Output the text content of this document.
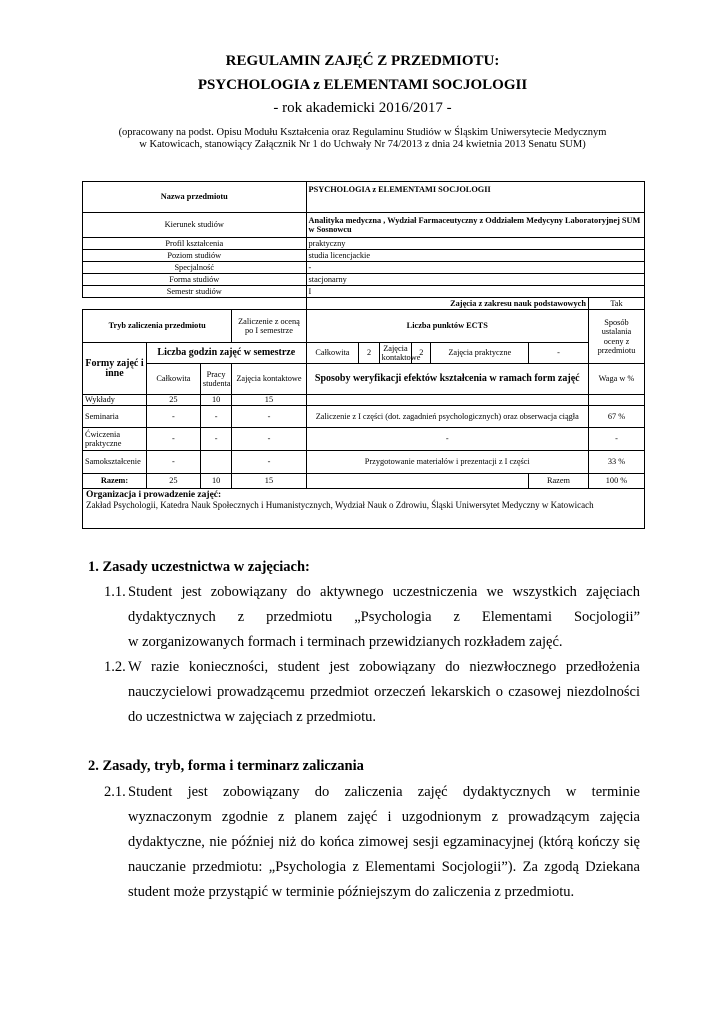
REGULAMIN ZAJĘĆ Z PRZEDMIOTU:
PSYCHOLOGIA z ELEMENTAMI SOCJOLOGII
- rok akademicki 2016/2017 -
(opracowany na podst. Opisu Modułu Kształcenia oraz Regulaminu Studiów w Śląskim Uniwersytecie Medycznym
w Katowicach, stanowiący Załącznik Nr 1 do Uchwały Nr 74/2013 z dnia 24 kwietnia 2013 Senatu SUM)
Nazwa przedmiotu				PSYCHOLOGIA z ELEMENTAMI SOCJOLOGII						
Kierunek studiów				Analityka medyczna , Wydział Farmaceutyczny z Oddziałem Medycyny Laboratoryjnej SUM w Sosnowcu						
Profil kształcenia				praktyczny						
Poziom studiów				studia licencjackie						
Specjalność				-						
Forma studiów				stacjonarny						
Semestr studiów				I						
				Zajęcia z zakresu nauk podstawowych						Tak
Tryb zaliczenia przedmiotu			Zaliczenie z oceną po I semestrze	Liczba punktów ECTS						Sposób ustalania oceny z przedmiotu

Formy zajęć i inne	Liczba godzin zajęć w semestrze			Całkowita	2	Zajęcia kontaktowe	2	Zajęcia praktyczne	-	
	Całkowita	Pracy studenta	Zajęcia kontaktowe	Sposoby weryfikacji efektów kształcenia w ramach form zajęć						Waga w %
Wykłady	25	10	15							
Seminaria	-	-	-	Zaliczenie z I części (dot. zagadnień psychologicznych) oraz obserwacja ciągła						67 %
Ćwiczenia praktyczne	-	-	-	-						-
Samokształcenie	-		-	Przygotowanie materiałów i prezentacji z I części						33 %
Razem:	25	10	15						Razem	100 %

Organizacja i prowadzenie zajęć:
Zakład Psychologii, Katedra Nauk Społecznych i Humanistycznych, Wydział Nauk o Zdrowiu, Śląski Uniwersytet Medyczny w Katowicach										
1. Zasady uczestnictwa w zajęciach:
1.1. Student jest zobowiązany do aktywnego uczestniczenia we wszystkich zajęciach
dydaktycznych z przedmiotu „Psychologia z Elementami Socjologii”
w zorganizowanych formach i terminach przewidzianych rozkładem zajęć.
1.2. W razie konieczności, student jest zobowiązany do niezwłocznego przedłożenia
nauczycielowi prowadzącemu przedmiot orzeczeń lekarskich o czasowej niezdolności
do uczestnictwa w zajęciach z przedmiotu.
2. Zasady, tryb, forma i terminarz zaliczania
2.1. Student jest zobowiązany do zaliczenia zajęć dydaktycznych w terminie
wyznaczonym zgodnie z planem zajęć i uzgodnionym z prowadzącym zajęcia
dydaktyczne, nie później niż do końca zimowej sesji egzaminacyjnej (którą kończy się
nauczanie przedmiotu: „Psychologia z Elementami Socjologii”). Za zgodą Dziekana
student może przystąpić w terminie późniejszym do zaliczenia z przedmiotu.
